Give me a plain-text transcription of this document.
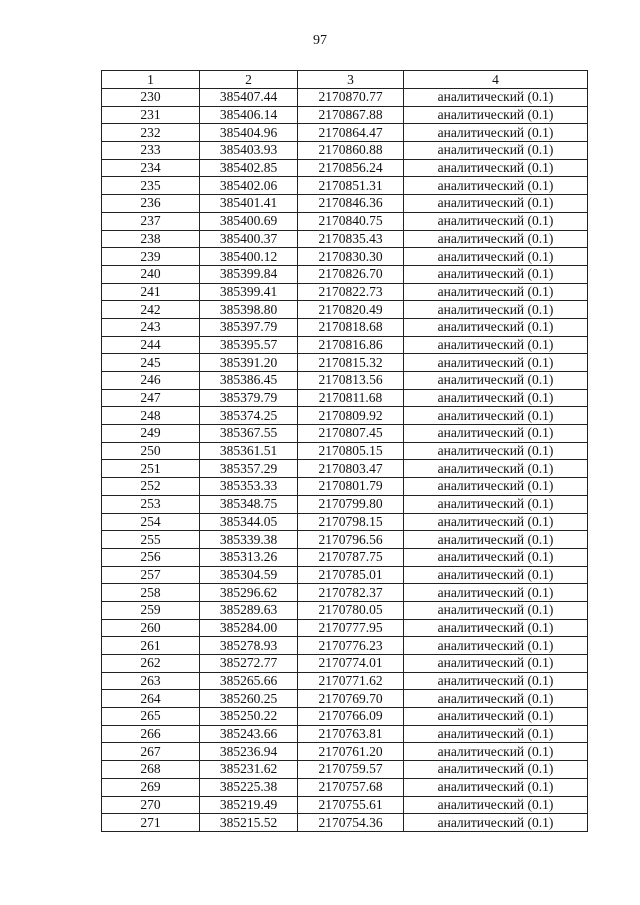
97
1	2	3	4
230	385407.44	2170870.77	аналитический (0.1)
231	385406.14	2170867.88	аналитический (0.1)
232	385404.96	2170864.47	аналитический (0.1)
233	385403.93	2170860.88	аналитический (0.1)
234	385402.85	2170856.24	аналитический (0.1)
235	385402.06	2170851.31	аналитический (0.1)
236	385401.41	2170846.36	аналитический (0.1)
237	385400.69	2170840.75	аналитический (0.1)
238	385400.37	2170835.43	аналитический (0.1)
239	385400.12	2170830.30	аналитический (0.1)
240	385399.84	2170826.70	аналитический (0.1)
241	385399.41	2170822.73	аналитический (0.1)
242	385398.80	2170820.49	аналитический (0.1)
243	385397.79	2170818.68	аналитический (0.1)
244	385395.57	2170816.86	аналитический (0.1)
245	385391.20	2170815.32	аналитический (0.1)
246	385386.45	2170813.56	аналитический (0.1)
247	385379.79	2170811.68	аналитический (0.1)
248	385374.25	2170809.92	аналитический (0.1)
249	385367.55	2170807.45	аналитический (0.1)
250	385361.51	2170805.15	аналитический (0.1)
251	385357.29	2170803.47	аналитический (0.1)
252	385353.33	2170801.79	аналитический (0.1)
253	385348.75	2170799.80	аналитический (0.1)
254	385344.05	2170798.15	аналитический (0.1)
255	385339.38	2170796.56	аналитический (0.1)
256	385313.26	2170787.75	аналитический (0.1)
257	385304.59	2170785.01	аналитический (0.1)
258	385296.62	2170782.37	аналитический (0.1)
259	385289.63	2170780.05	аналитический (0.1)
260	385284.00	2170777.95	аналитический (0.1)
261	385278.93	2170776.23	аналитический (0.1)
262	385272.77	2170774.01	аналитический (0.1)
263	385265.66	2170771.62	аналитический (0.1)
264	385260.25	2170769.70	аналитический (0.1)
265	385250.22	2170766.09	аналитический (0.1)
266	385243.66	2170763.81	аналитический (0.1)
267	385236.94	2170761.20	аналитический (0.1)
268	385231.62	2170759.57	аналитический (0.1)
269	385225.38	2170757.68	аналитический (0.1)
270	385219.49	2170755.61	аналитический (0.1)
271	385215.52	2170754.36	аналитический (0.1)
